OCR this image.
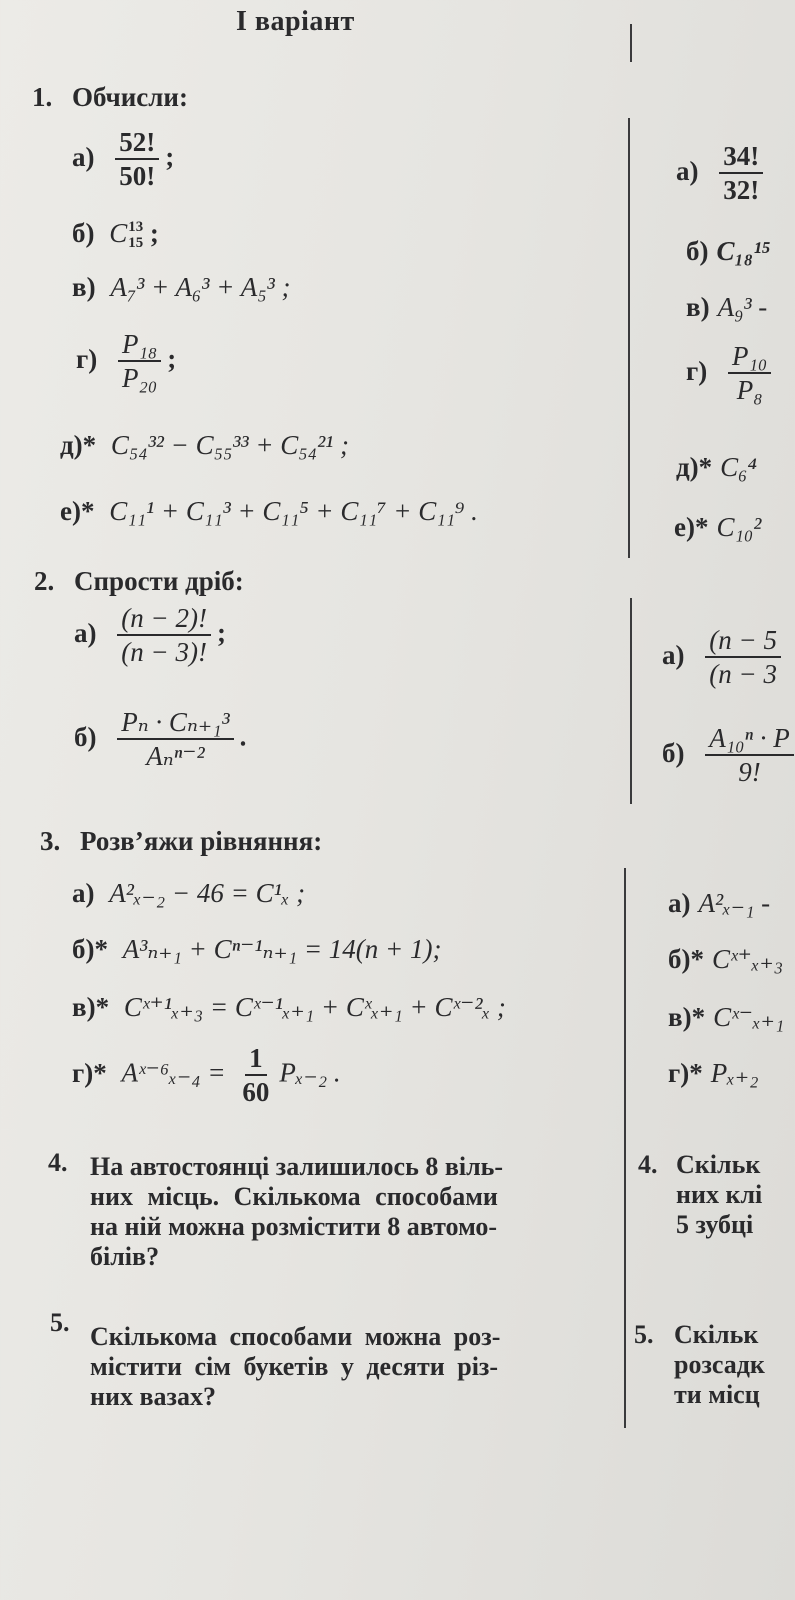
І варіант
1. Обчисли:
$а) \frac{52!}{50!}$ ;
б) C 13
15 ;
в) A₇³ + A₆³ + A₅³ ;
$г) \frac{\text{P₁₈}}{\text{P₂₀}}$ ;
д)* C₅₄³² − C₅₅³³ + C₅₄²¹ ;
е)* C₁₁¹ + C₁₁³ + C₁₁⁵ + C₁₁⁷ + C₁₁⁹ .
2. Спрости дріб:
$а) \frac{(n - 2)!}{(n - 3)!}$ ;
$б) \frac{\text{Pₙ · Cₙ₊₁³}}{\text{Aₙⁿ⁻²}}$ .
3. Розв’яжи рівняння:
а) A²ₓ₋₂ − 46 = C¹ₓ ;
б)* A³ₙ₊₁ + Cⁿ⁻¹ₙ₊₁ = 14(n + 1);
в)* Cˣ⁺¹ₓ₊₃ = Cˣ⁻¹ₓ₊₁ + Cˣₓ₊₁ + Cˣ⁻²ₓ ;
г)* Aˣ⁻⁶ₓ₋₄ = $\frac{1}{60} P_{x-2}$ .
4. На автостоянці залишилось 8 віль-
них місць. Скількома способами
на ній можна розмістити 8 автомо-
білів?
5. Скількома способами можна роз-
містити сім букетів у десяти різ-
них вазах?
$а) \frac{34!}{32!}$
б) C₁₈¹⁵
в) A₉³ -
$г) \frac{\text{P₁₀}}{\text{P₈}}$
д)* C₆⁴
е)* C₁₀²
$а) \frac{(n - 5}{(n - 3}$
$б) \frac{\text{A₁₀ⁿ · P}}{9!}$
а) A²ₓ₋₁ -
б)* Cˣ⁺ₓ₊₃
в)* Cˣ⁻ₓ₊₁
г)* Pₓ₊₂
4. Скільк
них клі
5 зубці
5. Скільк
розсадк
ти місц
